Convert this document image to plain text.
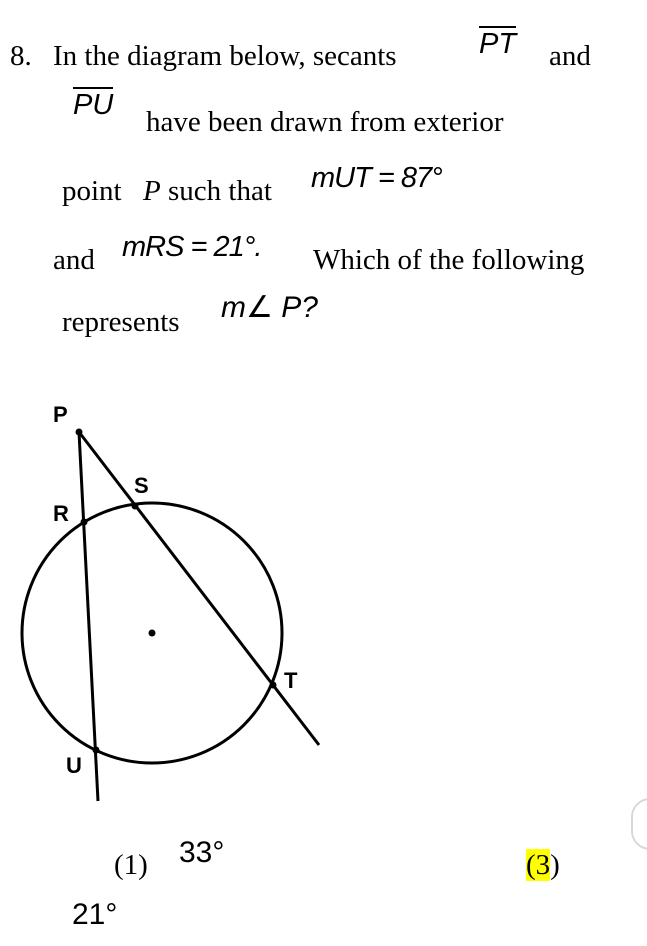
8. In the diagram below, secants	PT and
PU
have been drawn from exterior
point P such that mUT = 87°
and mRS = 21°. Which of the following
represents m∠ P?
P
S
R
T
U
(1) 33°	(3)
21°
